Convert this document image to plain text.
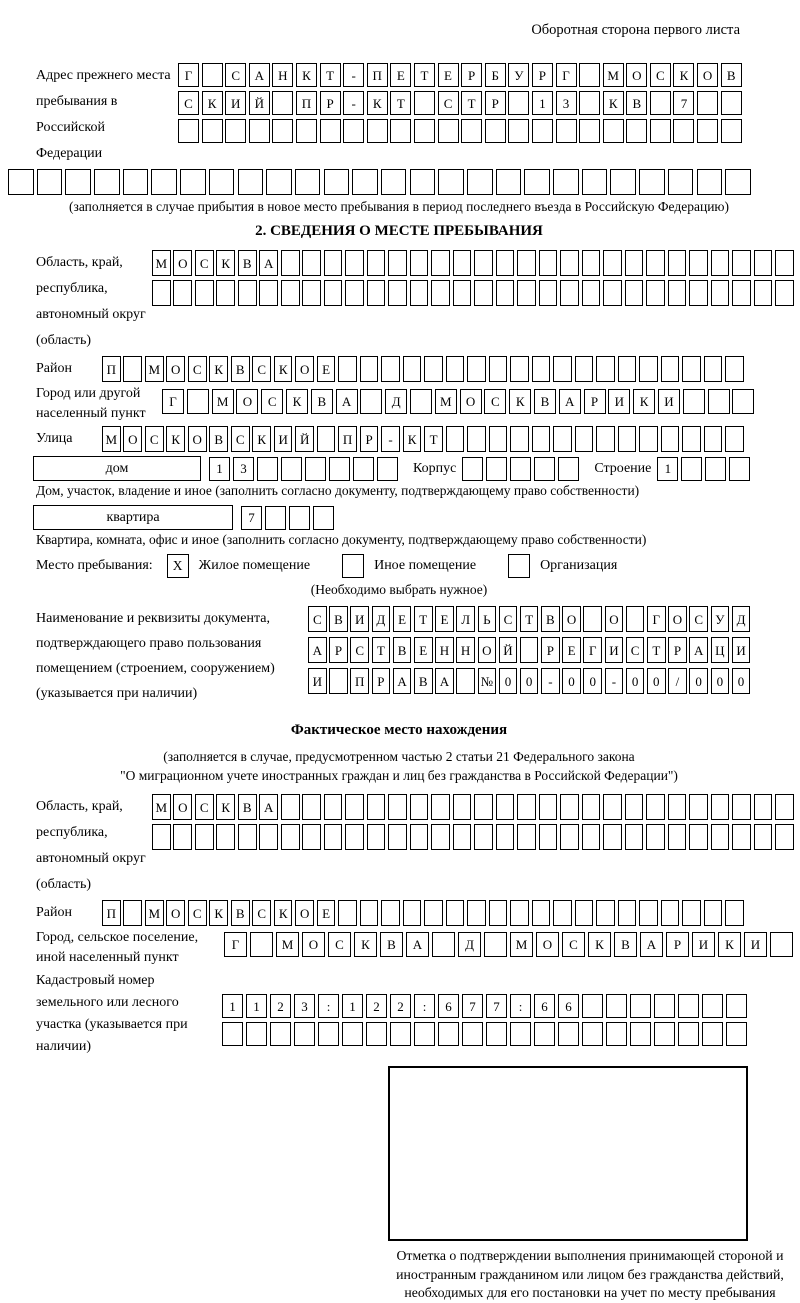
Оборотная сторона первого листа
Адрес прежнего места пребывания в Российской Федерации
Г	С	А	Н	К	Т	-	П	Е	Т	Е	Р	Б	У	Р	Г	М	О	С	К	О	В
С	К	И	Й	П	Р	-	К	Т	С	Т	Р	1	3	К	В	7
(заполняется в случае прибытия в новое место пребывания в период последнего въезда в Российскую Федерацию)
2. СВЕДЕНИЯ О МЕСТЕ ПРЕБЫВАНИЯ
Область, край, республика, автономный округ (область)
М О С К В А
Район	П	М О С К В С К О Е
Город или другой населенный пункт
Г	М	О	С	К	В	А	Д	М	О	С	К	В	А	Р	И	К	И
Улица	М О С К О В С К И Й	П	Р	-	К	Т
дом	1	3	Корпус	Строение	1
Дом, участок, владение и иное (заполнить согласно документу, подтверждающему право собственности)
квартира	7
Квартира, комната, офис и иное (заполнить согласно документу, подтверждающему право собственности)
Место пребывания:	X	Жилое помещение	Иное помещение	Организация
(Необходимо выбрать нужное)
Наименование и реквизиты документа, подтверждающего право пользования помещением (строением, сооружением) (указывается при наличии)
С В И Д Е	Т	Е Л	Ь	С Т В О	О	Г О С У Д
А Р	С Т В Е Н Н О Й	Р	Е	Г И С Т	Р А Ц И
И	П Р А В А	№ 0	0	-	0	0	-	0	0	/	0	0	0
Фактическое место нахождения
(заполняется в случае, предусмотренном частью 2 статьи 21 Федерального закона
"О миграционном учете иностранных граждан и лиц без гражданства в Российской Федерации")
Область, край, республика, автономный округ (область)
М О С К В А
Район	П	М О С К В С К О Е
Город, сельское поселение, иной населенный пункт
Г	М	О	С	К	В	А	Д	М	О	С	К	В	А	Р	И	К	И
Кадастровый номер земельного или лесного участка (указывается при наличии)
1	1	2	3	:	1	2	2	:	6	7	7	:	6	6
Отметка о подтверждении выполнения принимающей стороной и иностранным гражданином или лицом без гражданства действий, необходимых для его постановки на учет по месту пребывания
